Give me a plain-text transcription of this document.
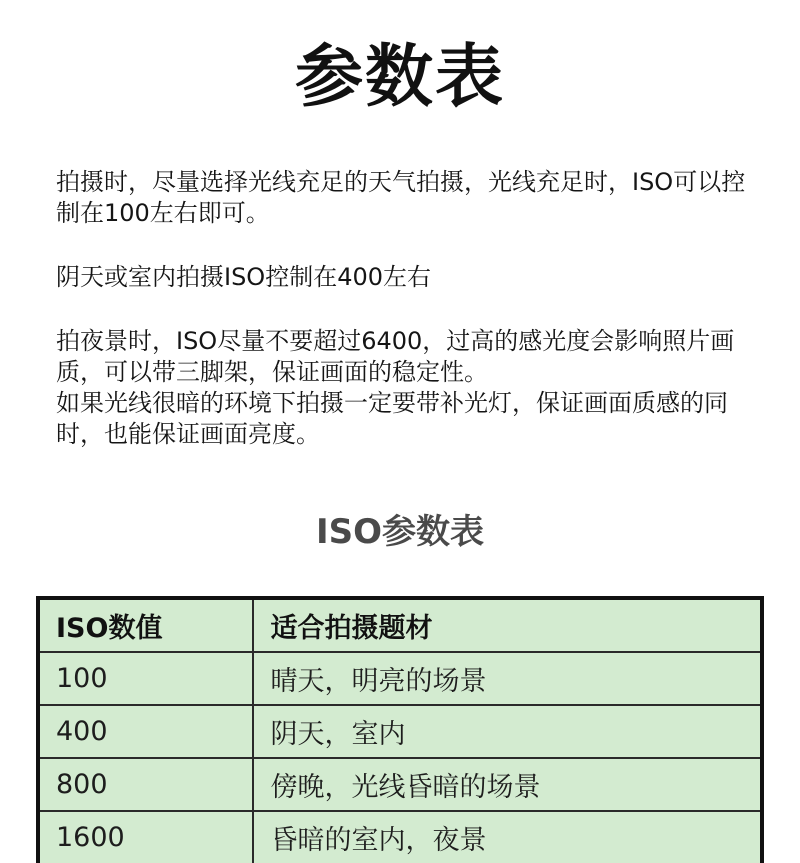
参数表
拍摄时，尽量选择光线充足的天气拍摄，光线充足时，ISO可以控制在100左右即可。
阴天或室内拍摄ISO控制在400左右
拍夜景时，ISO尽量不要超过6400，过高的感光度会影响照片画质，可以带三脚架，保证画面的稳定性。
如果光线很暗的环境下拍摄一定要带补光灯，保证画面质感的同时，也能保证画面亮度。
ISO参数表
ISO数值	适合拍摄题材
100	晴天，明亮的场景
400	阴天，室内
800	傍晚，光线昏暗的场景
1600	昏暗的室内，夜景
